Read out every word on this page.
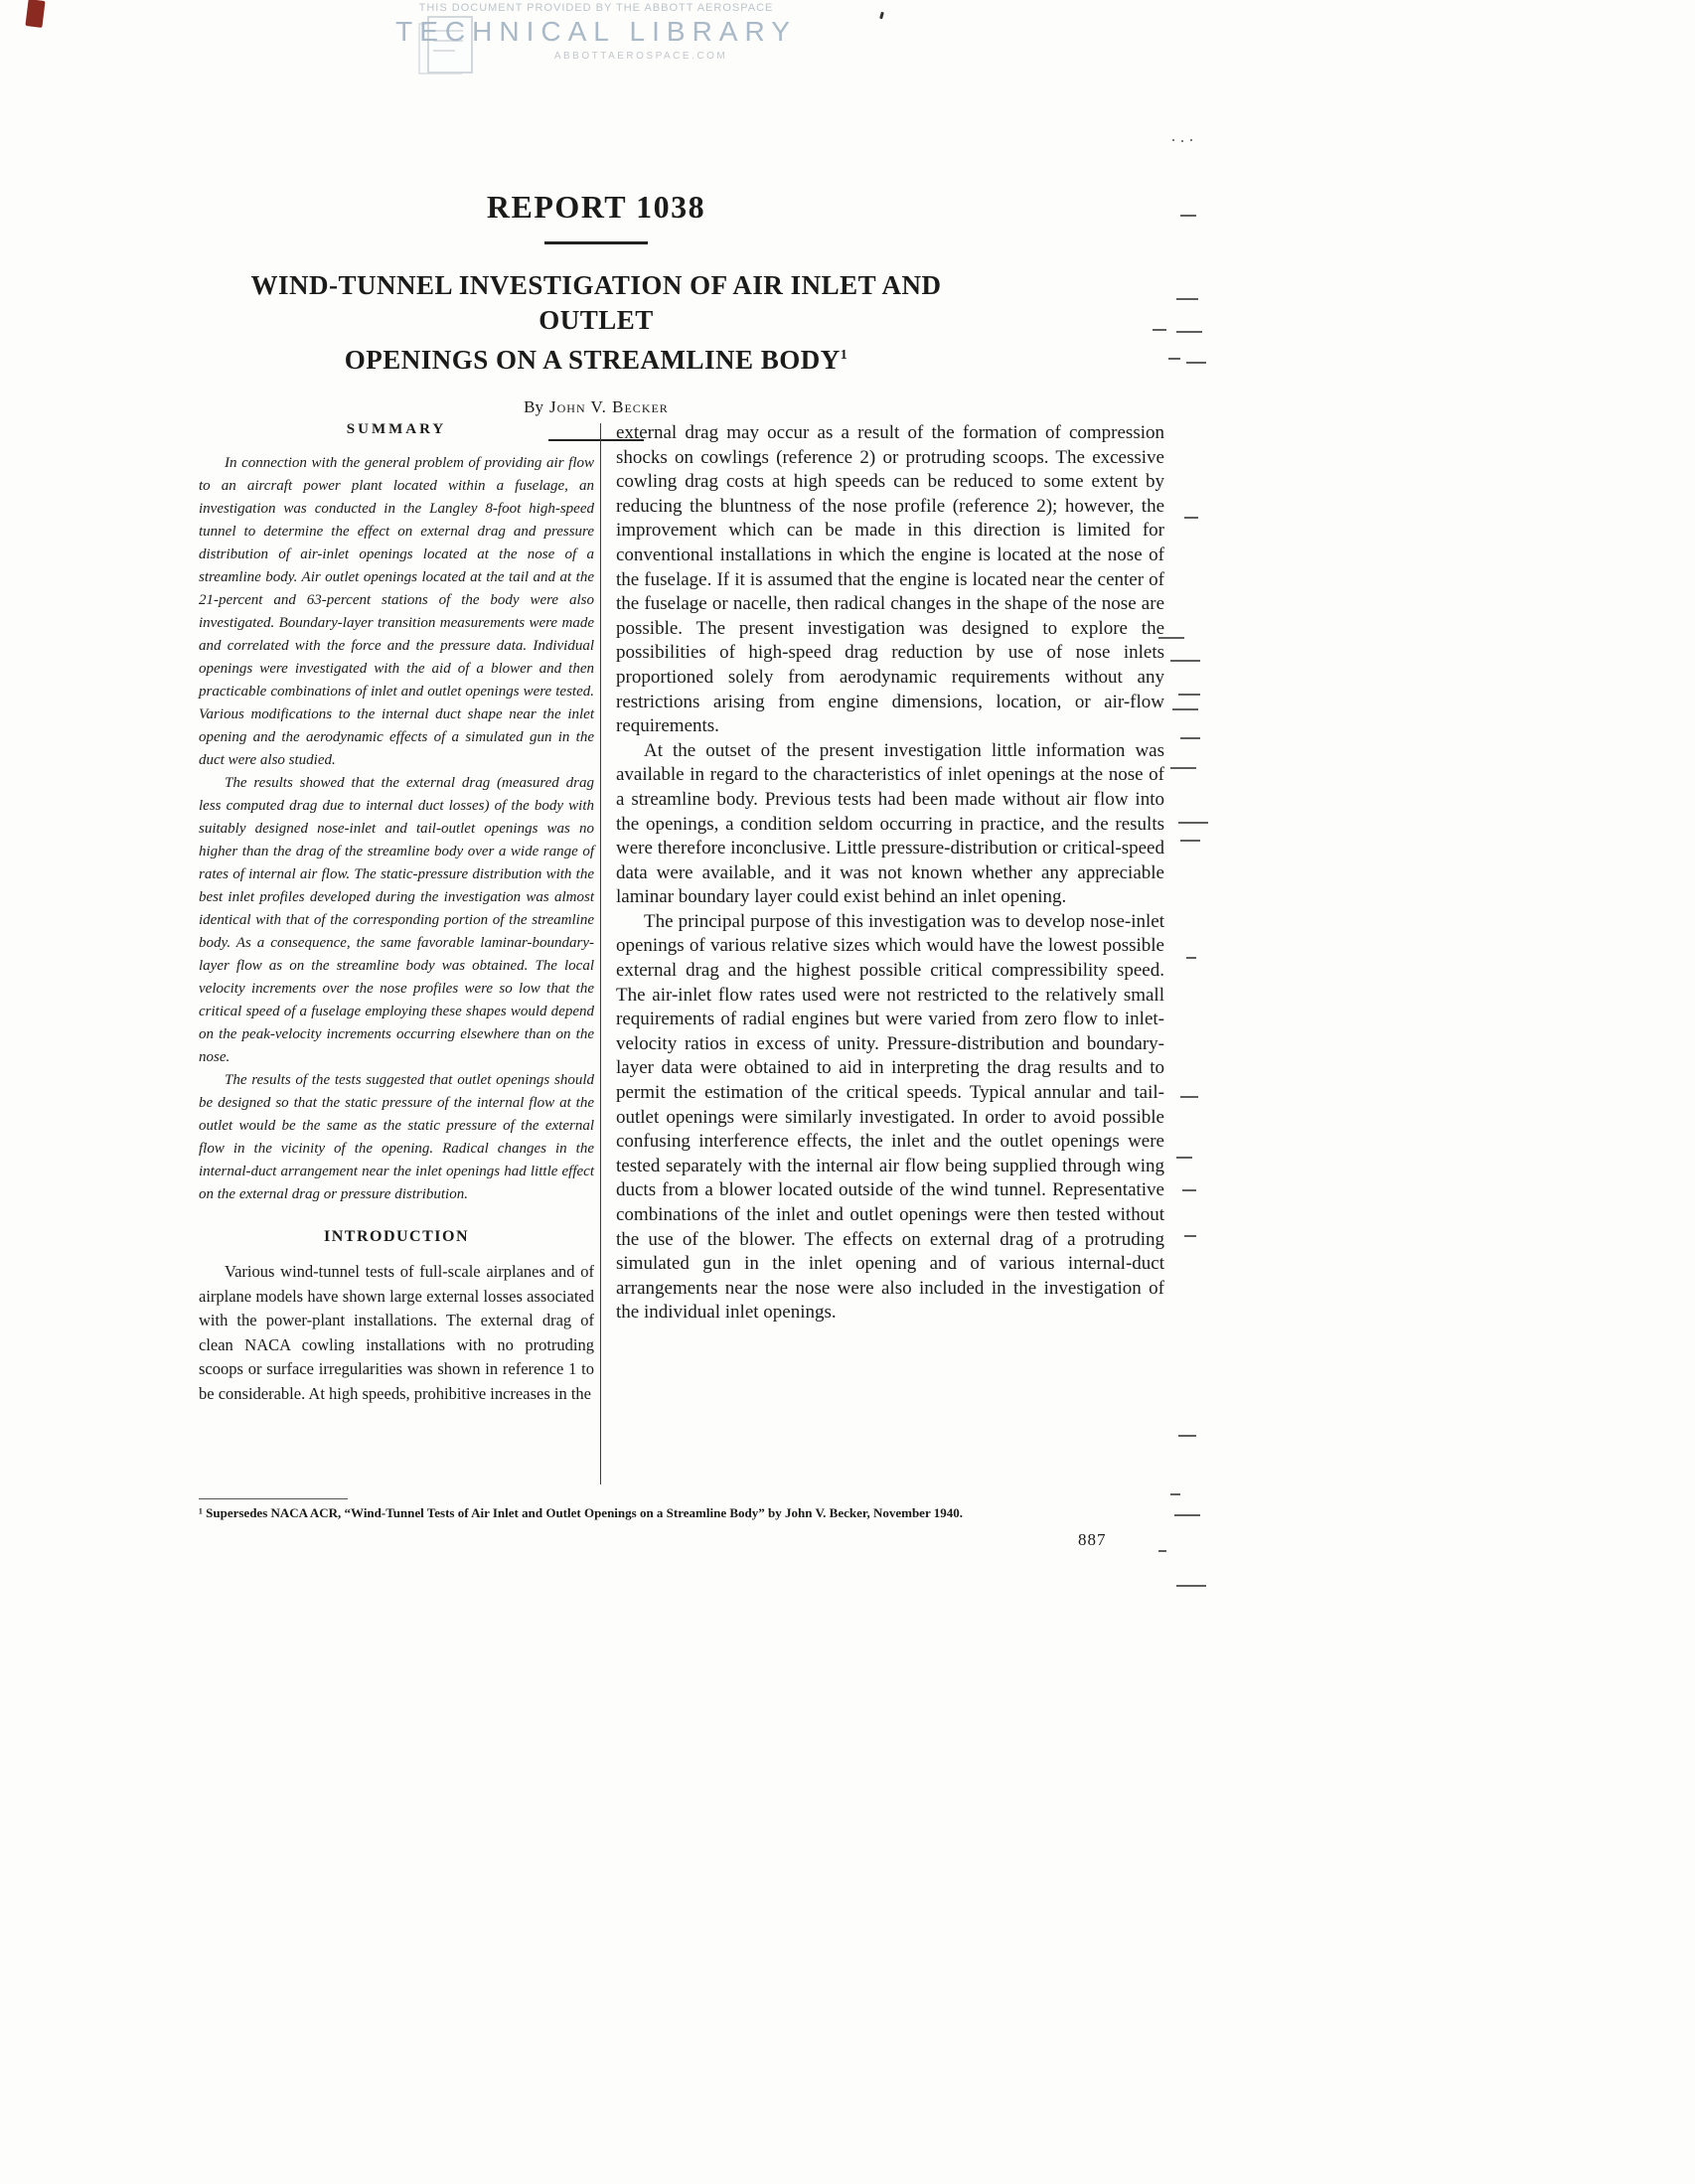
THIS DOCUMENT PROVIDED BY THE ABBOTT AEROSPACE
TECHNICAL LIBRARY
ABBOTTAEROSPACE.COM
REPORT 1038
WIND-TUNNEL INVESTIGATION OF AIR INLET AND OUTLET
OPENINGS ON A STREAMLINE BODY$^1$
By John V. Becker
SUMMARY

In connection with the general problem of providing air flow to an aircraft power plant located within a fuselage, an investigation was conducted in the Langley 8-foot high-speed tunnel to determine the effect on external drag and pressure distribution of air-inlet openings located at the nose of a streamline body. Air outlet openings located at the tail and at the 21-percent and 63-percent stations of the body were also investigated. Boundary-layer transition measurements were made and correlated with the force and the pressure data. Individual openings were investigated with the aid of a blower and then practicable combinations of inlet and outlet openings were tested. Various modifications to the internal duct shape near the inlet opening and the aerodynamic effects of a simulated gun in the duct were also studied.

The results showed that the external drag (measured drag less computed drag due to internal duct losses) of the body with suitably designed nose-inlet and tail-outlet openings was no higher than the drag of the streamline body over a wide range of rates of internal air flow. The static-pressure distribution with the best inlet profiles developed during the investigation was almost identical with that of the corresponding portion of the streamline body. As a consequence, the same favorable laminar-boundary-layer flow as on the streamline body was obtained. The local velocity increments over the nose profiles were so low that the critical speed of a fuselage employing these shapes would depend on the peak-velocity increments occurring elsewhere than on the nose.

The results of the tests suggested that outlet openings should be designed so that the static pressure of the internal flow at the outlet would be the same as the static pressure of the external flow in the vicinity of the opening. Radical changes in the internal-duct arrangement near the inlet openings had little effect on the external drag or pressure distribution.

INTRODUCTION

Various wind-tunnel tests of full-scale airplanes and of airplane models have shown large external losses associated with the power-plant installations. The external drag of clean NACA cowling installations with no protruding scoops or surface irregularities was shown in reference 1 to be considerable. At high speeds, prohibitive increases in the

external drag may occur as a result of the formation of compression shocks on cowlings (reference 2) or protruding scoops. The excessive cowling drag costs at high speeds can be reduced to some extent by reducing the bluntness of the nose profile (reference 2); however, the improvement which can be made in this direction is limited for conventional installations in which the engine is located at the nose of the fuselage. If it is assumed that the engine is located near the center of the fuselage or nacelle, then radical changes in the shape of the nose are possible. The present investigation was designed to explore the possibilities of high-speed drag reduction by use of nose inlets proportioned solely from aerodynamic requirements without any restrictions arising from engine dimensions, location, or air-flow requirements.

At the outset of the present investigation little information was available in regard to the characteristics of inlet openings at the nose of a streamline body. Previous tests had been made without air flow into the openings, a condition seldom occurring in practice, and the results were therefore inconclusive. Little pressure-distribution or critical-speed data were available, and it was not known whether any appreciable laminar boundary layer could exist behind an inlet opening.

The principal purpose of this investigation was to develop nose-inlet openings of various relative sizes which would have the lowest possible external drag and the highest possible critical compressibility speed. The air-inlet flow rates used were not restricted to the relatively small requirements of radial engines but were varied from zero flow to inlet-velocity ratios in excess of unity. Pressure-distribution and boundary-layer data were obtained to aid in interpreting the drag results and to permit the estimation of the critical speeds. Typical annular and tail-outlet openings were similarly investigated. In order to avoid possible confusing interference effects, the inlet and the outlet openings were tested separately with the internal air flow being supplied through wing ducts from a blower located outside of the wind tunnel. Representative combinations of the inlet and outlet openings were then tested without the use of the blower. The effects on external drag of a protruding simulated gun in the inlet opening and of various internal-duct arrangements near the nose were also included in the investigation of the individual inlet openings.

¹ Supersedes NACA ACR, “Wind-Tunnel Tests of Air Inlet and Outlet Openings on a Streamline Body” by John V. Becker, November 1940.
887
